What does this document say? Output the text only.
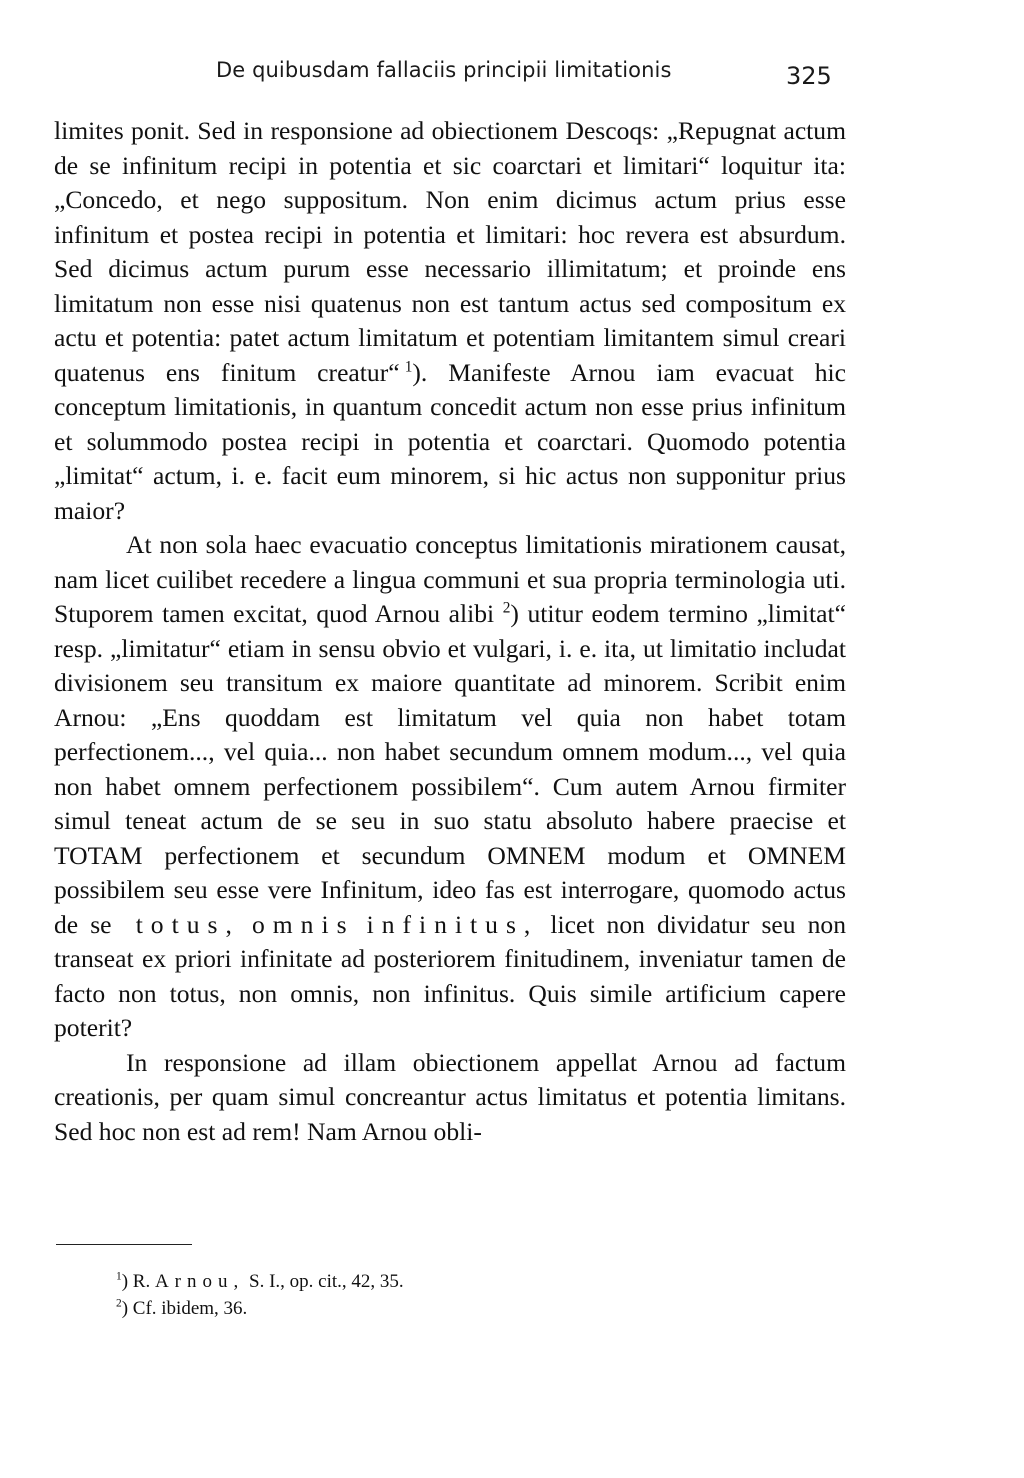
De quibusdam fallaciis principii limitationis	325

limites ponit. Sed in responsione ad obiectionem Descoqs: „Repugnat actum de se infinitum recipi in potentia et sic coarctari et limitari“ loquitur ita: „Concedo, et nego suppositum. Non enim dicimus actum prius esse infinitum et postea recipi in potentia et limitari: hoc revera est absurdum. Sed dicimus actum purum esse necessario illimitatum; et proinde ens limitatum non esse nisi quatenus non est tantum actus sed compositum ex actu et potentia: patet actum limitatum et potentiam limitantem simul creari quatenus ens finitum creatur“  $^1$). Manifeste Arnou iam evacuat hic conceptum limitationis, in quantum concedit actum non esse prius infinitum et solummodo postea recipi in potentia et coarctari. Quomodo potentia „limitat“ actum, i. e. facit eum minorem, si hic actus non supponitur prius maior?

At non sola haec evacuatio conceptus limitationis mirationem causat, nam licet cuilibet recedere a lingua communi et sua propria terminologia uti. Stuporem tamen excitat, quod Arnou alibi $^2$) utitur eodem termino „limitat“ resp. „limitatur“ etiam in sensu obvio et vulgari, i. e. ita, ut limitatio includat divisionem seu transitum ex maiore quantitate ad minorem. Scribit enim Arnou: „Ens quoddam est limitatum vel quia non habet totam perfectionem..., vel quia... non habet secundum omnem modum..., vel quia non habet omnem perfectionem possibilem“. Cum autem Arnou firmiter simul teneat actum de se seu in suo statu absoluto habere praecise et TOTAM perfectionem et secundum OMNEM modum et OMNEM possibilem seu esse vere Infinitum, ideo fas est interrogare, quomodo actus de se totus, omnis infinitus, licet non dividatur seu non transeat ex priori infinitate ad posteriorem finitudinem, inveniatur tamen de facto non totus, non omnis, non infinitus. Quis simile artificium capere poterit?

In responsione ad illam obiectionem appellat Arnou ad factum creationis, per quam simul concreantur actus limitatus et potentia limitans. Sed hoc non est ad rem! Nam Arnou obli-

$^1$) R. Arnou, S. I., op. cit., 42, 35.
$^2$) Cf. ibidem, 36.
